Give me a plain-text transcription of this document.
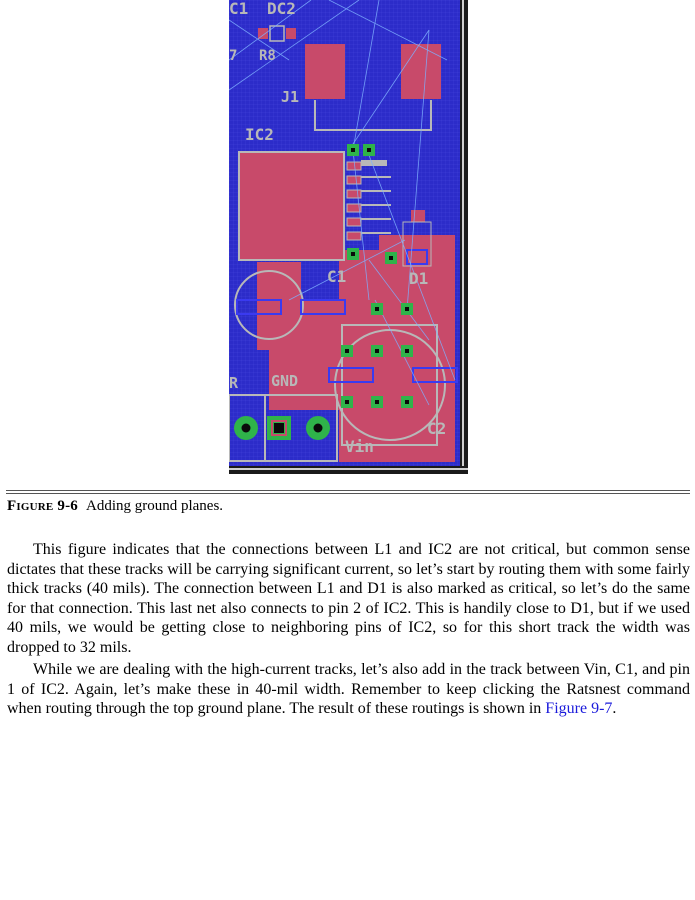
C1 DC2
7 R8
J1
IC2
C1	D1
R GND
Vin
C2
Figure 9-6 Adding ground planes.

This figure indicates that the connections between L1 and IC2 are not critical, but common sense dictates that these tracks will be carrying significant current, so let’s start by routing them with some fairly thick tracks (40 mils). The connection between L1 and D1 is also marked as critical, so let’s do the same for that connection. This last net also connects to pin 2 of IC2. This is handily close to D1, but if we used 40 mils, we would be getting close to neighboring pins of IC2, so for this short track the width was dropped to 32 mils.

While we are dealing with the high-current tracks, let’s also add in the track between Vin, C1, and pin 1 of IC2. Again, let’s make these in 40-mil width. Remember to keep clicking the Ratsnest command when routing through the top ground plane. The result of these routings is shown in Figure 9-7.
